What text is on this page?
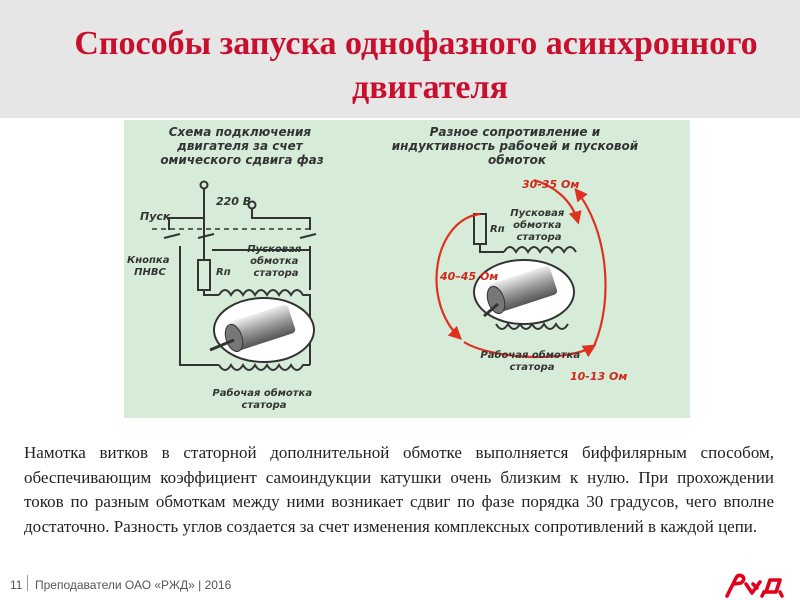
Способы запуска однофазного асинхронного
двигателя
Схема подключения двигателя за счет омического сдвига фаз
Разное сопротивление и индуктивность рабочей и пусковой обмоток
220 В
Пуск
Кнопка ПНВС	Rп
Пусковая обмотка статора
Рабочая обмотка статора
Rп
Пусковая обмотка статора
Рабочая обмотка статора
30-35 Ом
40–45 Ом
10-13 Ом

Намотка витков в статорной дополнительной обмотке выполняется биффилярным способом, обеспечивающим коэффициент самоиндукции катушки очень близким к нулю. При прохождении токов по разным обмоткам между ними возникает сдвиг по фазе порядка 30 градусов, чего вполне достаточно. Разность углов создается за счет изменения комплексных сопротивлений в каждой цепи.

11 Преподаватели ОАО «РЖД» | 2016
